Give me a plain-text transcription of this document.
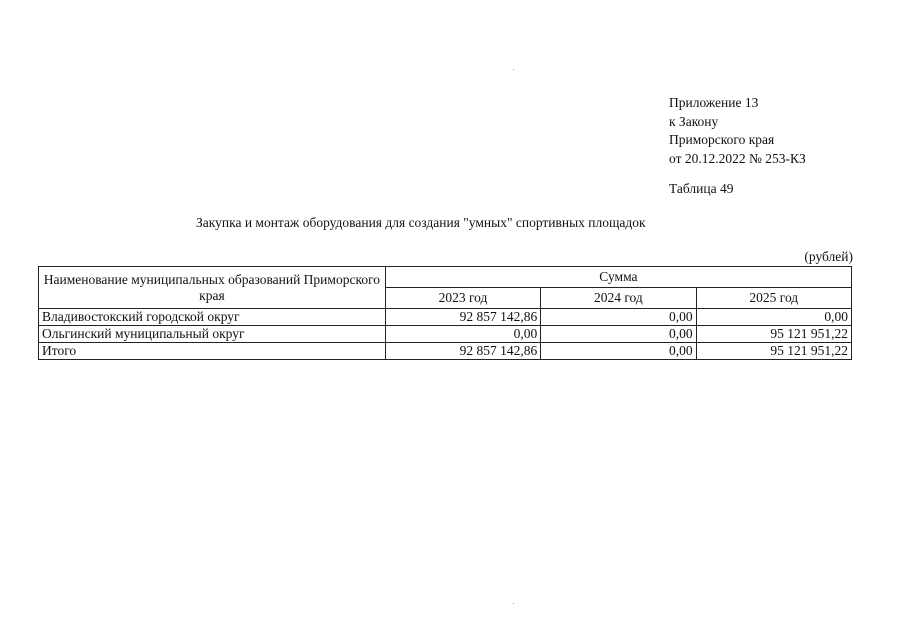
Приложение 13
к Закону
Приморского края
от 20.12.2022 № 253-КЗ
Таблица 49
Закупка и монтаж оборудования для создания "умных" спортивных площадок
(рублей)
Наименование муниципальных образований Приморского края	Сумма		
	2023 год	2024 год	2025 год
Владивостокский городской округ	92 857 142,86	0,00	0,00
Ольгинский муниципальный округ	0,00	0,00	95 121 951,22
Итого	92 857 142,86	0,00	95 121 951,22
